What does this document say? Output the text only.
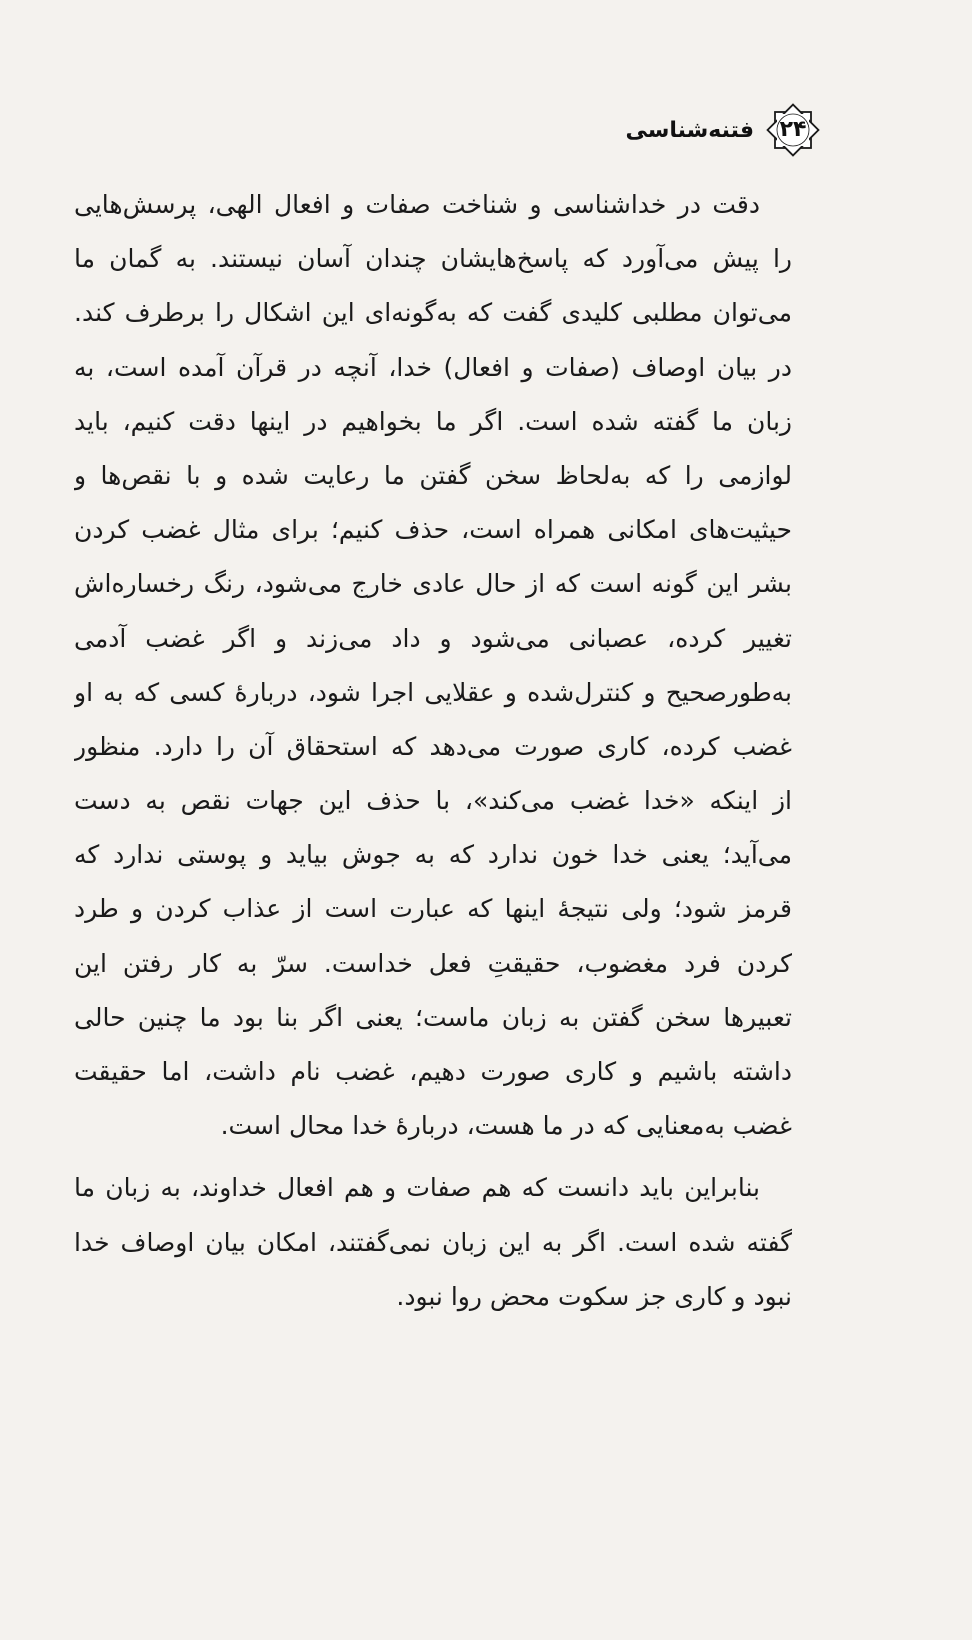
۲۴
فتنه‌شناسی
دقت در خداشناسی و شناخت صفات و افعال الهی، پرسش‌هایی
را پیش می‌آورد که پاسخ‌هایشان چندان آسان نیستند. به گمان ما
می‌توان مطلبی کلیدی گفت که به‌گونه‌ای این اشکال را برطرف کند.
در بیان اوصاف (صفات و افعال) خدا، آنچه در قرآن آمده است، به
زبان ما گفته شده است. اگر ما بخواهیم در اینها دقت کنیم، باید
لوازمی را که به‌لحاظ سخن گفتن ما رعایت شده و با نقص‌ها و
حیثیت‌های امکانی همراه است، حذف کنیم؛ برای مثال غضب کردن
بشر این گونه است که از حال عادی خارج می‌شود، رنگ رخساره‌اش
تغییر کرده، عصبانی می‌شود و داد می‌زند و اگر غضب آدمی
به‌طورصحیح و کنترل‌شده و عقلایی اجرا شود، دربارهٔ کسی که به او
غضب کرده، کاری صورت می‌دهد که استحقاق آن را دارد. منظور
از اینکه «خدا غضب می‌کند»، با حذف این جهات نقص به دست
می‌آید؛ یعنی خدا خون ندارد که به جوش بیاید و پوستی ندارد که
قرمز شود؛ ولی نتیجهٔ اینها که عبارت است از عذاب کردن و طرد
کردن فرد مغضوب، حقیقتِ فعل خداست. سرّ به کار رفتن این
تعبیرها سخن گفتن به زبان ماست؛ یعنی اگر بنا بود ما چنین حالی
داشته باشیم و کاری صورت دهیم، غضب نام داشت، اما حقیقت
غضب به‌معنایی که در ما هست، دربارهٔ خدا محال است.
بنابراین باید دانست که هم صفات و هم افعال خداوند، به زبان ما
گفته شده است. اگر به این زبان نمی‌گفتند، امکان بیان اوصاف خدا
نبود و کاری جز سکوت محض روا نبود.
